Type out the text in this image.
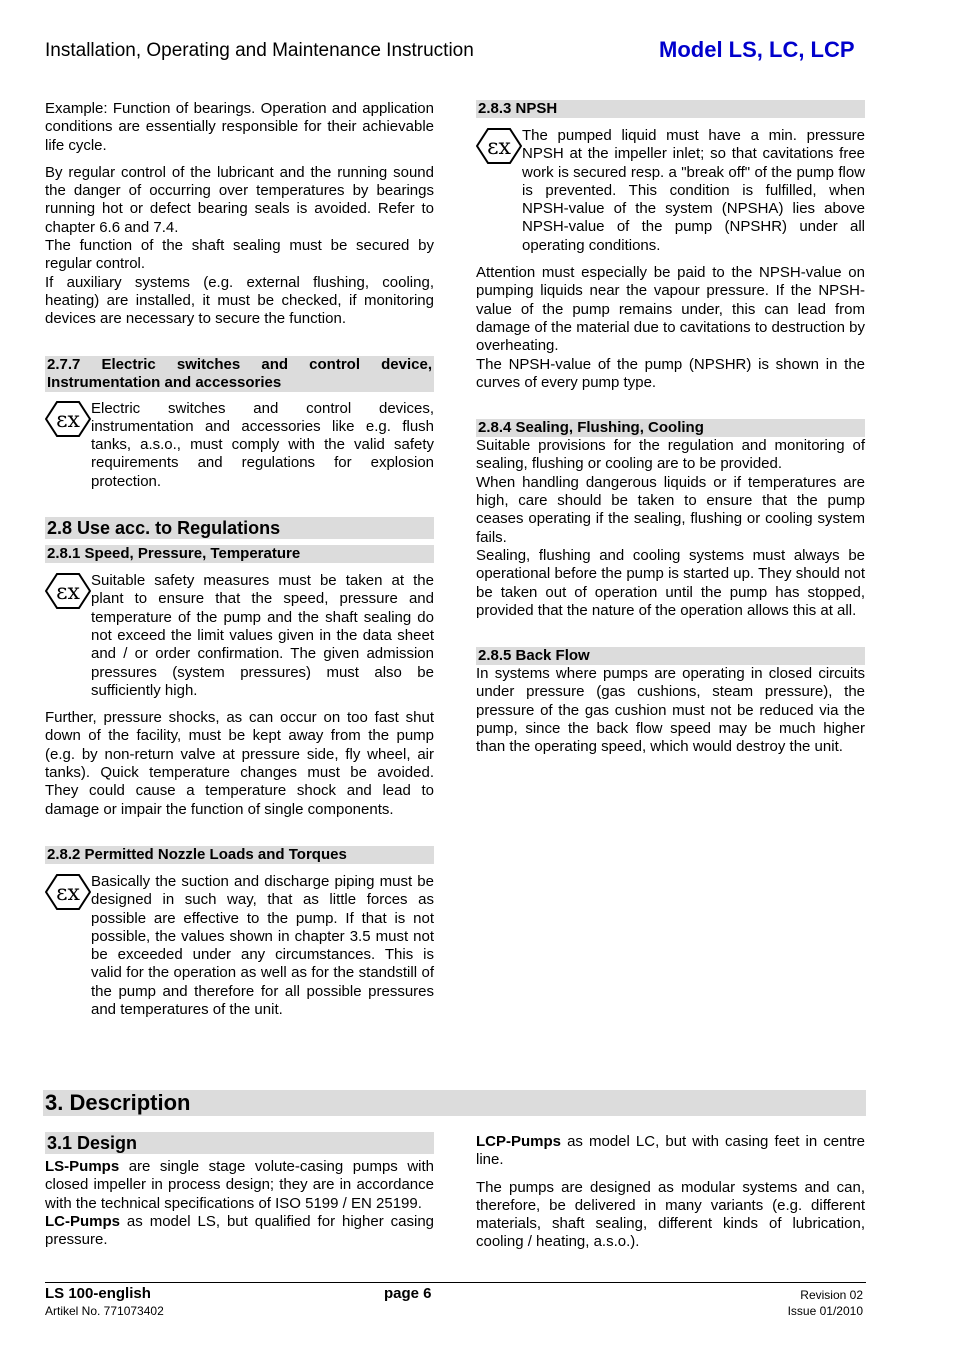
Installation, Operating and Maintenance Instruction	Model LS, LC, LCP

Example: Function of bearings. Operation and application conditions are essentially responsible for their achievable life cycle.

By regular control of the lubricant and the running sound the danger of occurring over temperatures by bearings running hot or defect bearing seals is avoided. Refer to chapter 6.6 and 7.4.

The function of the shaft sealing must be secured by regular control.

If auxiliary systems (e.g. external flushing, cooling, heating) are installed, it must be checked, if monitoring devices are necessary to secure the function.

2.7.7 Electric switches and control device, Instrumentation and accessories
εx Electric switches and control devices, instrumentation and accessories like e.g. flush tanks, a.s.o., must comply with the valid safety requirements and regulations for explosion protection.

2.8 Use acc. to Regulations
2.8.1 Speed, Pressure, Temperature
εx Suitable safety measures must be taken at the plant to ensure that the speed, pressure and temperature of the pump and the shaft sealing do not exceed the limit values given in the data sheet and / or order confirmation. The given admission pressures (system pressures) must also be sufficiently high.

Further, pressure shocks, as can occur on too fast shut down of the facility, must be kept away from the pump (e.g. by non-return valve at pressure side, fly wheel, air tanks). Quick temperature changes must be avoided. They could cause a temperature shock and lead to damage or impair the function of single components.

2.8.2 Permitted Nozzle Loads and Torques
εx Basically the suction and discharge piping must be designed in such way, that as little forces as possible are effective to the pump. If that is not possible, the values shown in chapter 3.5 must not be exceeded under any circumstances. This is valid for the operation as well as for the standstill of the pump and therefore for all possible pressures and temperatures of the unit.

2.8.3 NPSH
εx The pumped liquid must have a min. pressure NPSH at the impeller inlet; so that cavitations free work is secured resp. a "break off" of the pump flow is prevented. This condition is fulfilled, when NPSH-value of the system (NPSHA) lies above NPSH-value of the pump (NPSHR) under all operating conditions.

Attention must especially be paid to the NPSH-value on pumping liquids near the vapour pressure. If the NPSH-value of the pump remains under, this can lead from damage of the material due to cavitations to destruction by overheating.

The NPSH-value of the pump (NPSHR) is shown in the curves of every pump type.

2.8.4 Sealing, Flushing, Cooling

Suitable provisions for the regulation and monitoring of sealing, flushing or cooling are to be provided.

When handling dangerous liquids or if temperatures are high, care should be taken to ensure that the pump ceases operating if the sealing, flushing or cooling system fails.

Sealing, flushing and cooling systems must always be operational before the pump is started up. They should not be taken out of operation until the pump has stopped, provided that the nature of the operation allows this at all.

2.8.5 Back Flow

In systems where pumps are operating in closed circuits under pressure (gas cushions, steam pressure), the pressure of the gas cushion must not be reduced via the pump, since the back flow speed may be much higher than the operating speed, which would destroy the unit.

3. Description
3.1 Design

LS-Pumps are single stage volute-casing pumps with closed impeller in process design; they are in accordance with the technical specifications of ISO 5199 / EN 25199.

LC-Pumps as model LS, but qualified for higher casing pressure.

LCP-Pumps as model LC, but with casing feet in centre line.

The pumps are designed as modular systems and can, therefore, be delivered in many variants (e.g. different materials, shaft sealing, different kinds of lubrication, cooling / heating, a.s.o.).

LS 100-english
Artikel No. 771073402
page 6	Revision 02
Issue 01/2010
